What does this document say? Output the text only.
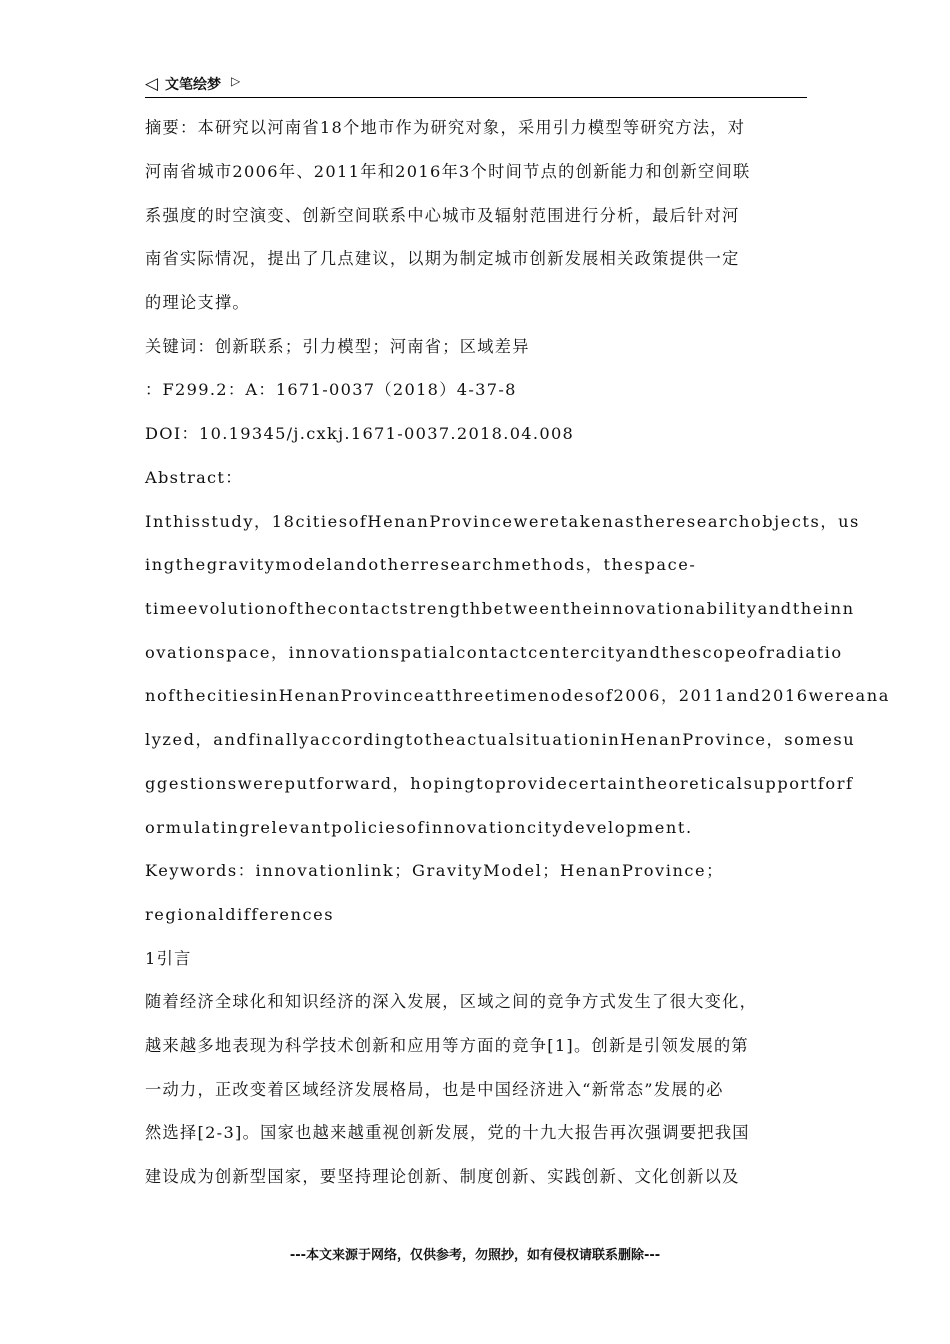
◁ 文笔绘梦 ▷
摘要：本研究以河南省18个地市作为研究对象，采用引力模型等研究方法，对
河南省城市2006年、2011年和2016年3个时间节点的创新能力和创新空间联
系强度的时空演变、创新空间联系中心城市及辐射范围进行分析，最后针对河
南省实际情况，提出了几点建议，以期为制定城市创新发展相关政策提供一定
的理论支撑。
关键词：创新联系；引力模型；河南省；区域差异
：F299.2：A：1671-0037（2018）4-37-8
DOI：10.19345/j.cxkj.1671-0037.2018.04.008
Abstract：
Inthisstudy，18citiesofHenanProvinceweretakenastheresearchobjects，us
ingthegravitymodelandotherresearchmethods，thespace-
timeevolutionofthecontactstrengthbetweentheinnovationabilityandtheinn
ovationspace，innovationspatialcontactcentercityandthescopeofradiatio
nofthecitiesinHenanProvinceatthreetimenodesof2006，2011and2016wereana
lyzed，andfinallyaccordingtotheactualsituationinHenanProvince，somesu
ggestionswereputforward，hopingtoprovidecertaintheoreticalsupportforf
ormulatingrelevantpoliciesofinnovationcitydevelopment.
Keywords：innovationlink；GravityModel；HenanProvince；
regionaldifferences
1引言
随着经济全球化和知识经济的深入发展，区域之间的竞争方式发生了很大变化，
越来越多地表现为科学技术创新和应用等方面的竞争[1]。创新是引领发展的第
一动力，正改变着区域经济发展格局，也是中国经济进入“新常态”发展的必
然选择[2-3]。国家也越来越重视创新发展，党的十九大报告再次强调要把我国
建设成为创新型国家，要坚持理论创新、制度创新、实践创新、文化创新以及
---本文来源于网络，仅供参考，勿照抄，如有侵权请联系删除---
